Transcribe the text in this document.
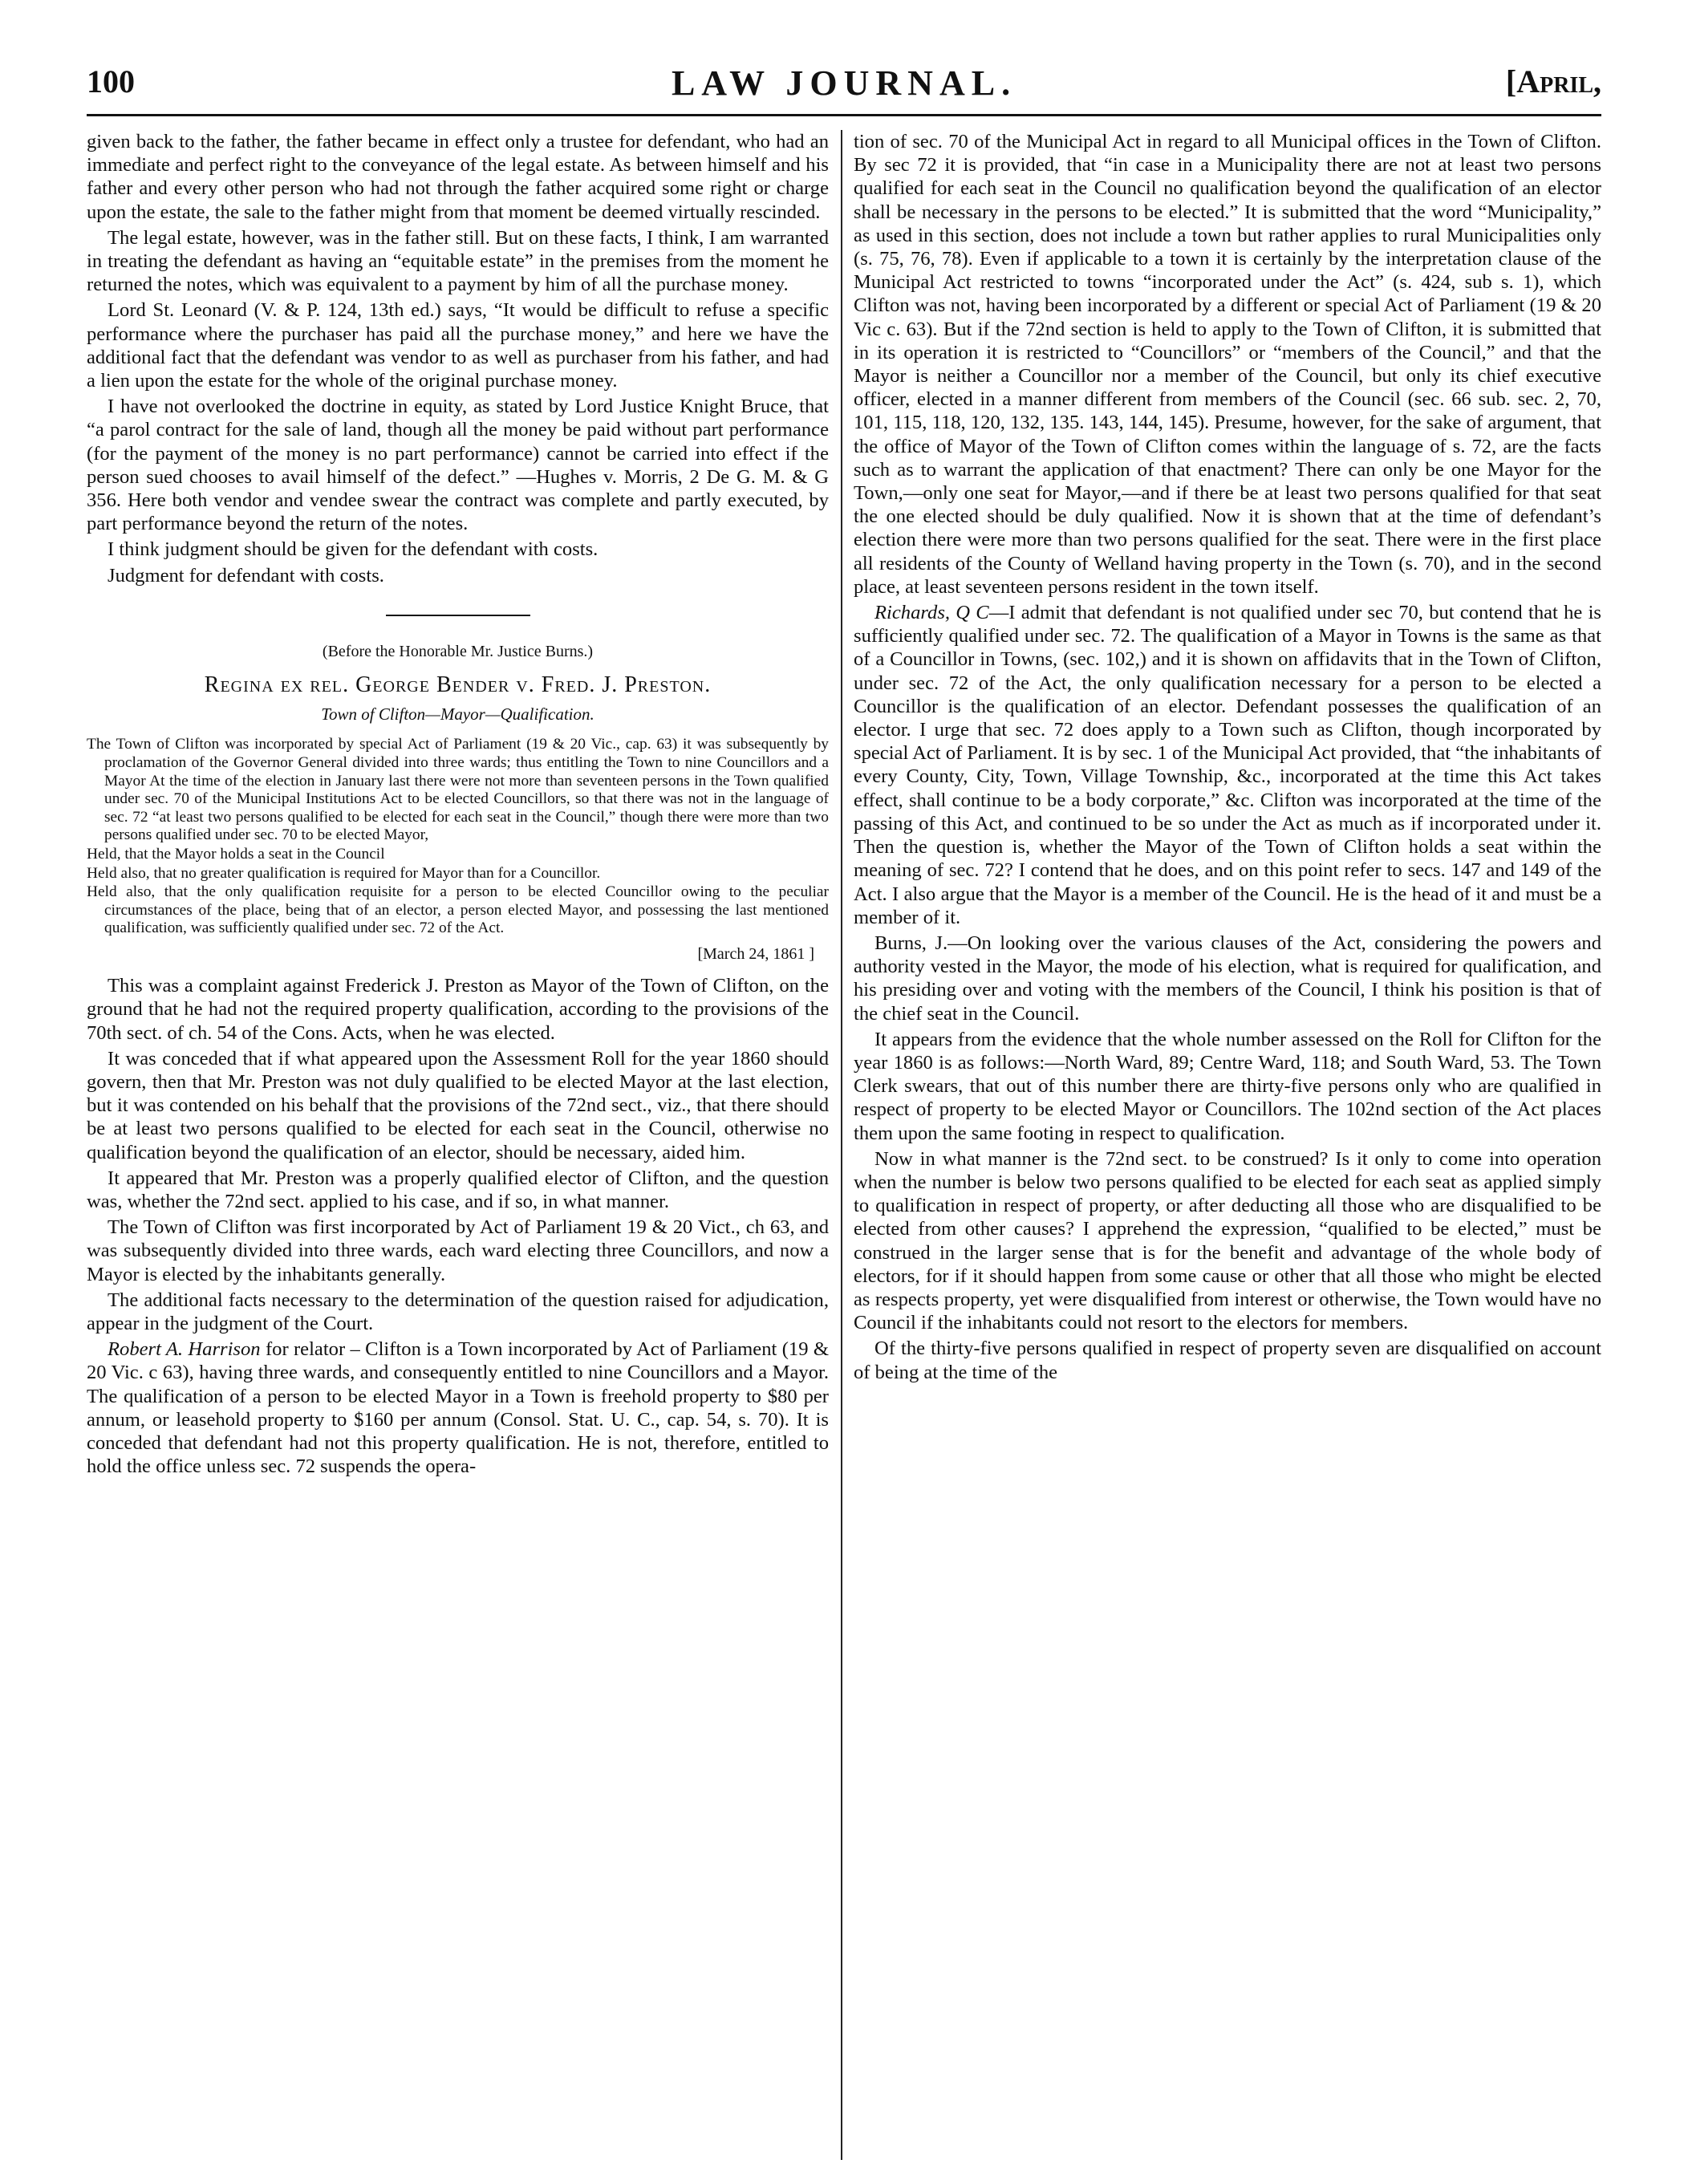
100	LAW JOURNAL.	[April,

given back to the father, the father became in effect only a trustee for defendant, who had an immediate and perfect right to the conveyance of the legal estate. As between himself and his father and every other person who had not through the father acquired some right or charge upon the estate, the sale to the father might from that moment be deemed virtually rescinded.

The legal estate, however, was in the father still. But on these facts, I think, I am warranted in treating the defendant as having an “equitable estate” in the premises from the moment he returned the notes, which was equivalent to a payment by him of all the purchase money.

Lord St. Leonard (V. & P. 124, 13th ed.) says, “It would be difficult to refuse a specific performance where the purchaser has paid all the purchase money,” and here we have the additional fact that the defendant was vendor to as well as purchaser from his father, and had a lien upon the estate for the whole of the original purchase money.

I have not overlooked the doctrine in equity, as stated by Lord Justice Knight Bruce, that “a parol contract for the sale of land, though all the money be paid without part performance (for the payment of the money is no part performance) cannot be carried into effect if the person sued chooses to avail himself of the defect.” —Hughes v. Morris, 2 De G. M. & G 356. Here both vendor and vendee swear the contract was complete and partly executed, by part performance beyond the return of the notes.

I think judgment should be given for the defendant with costs.

Judgment for defendant with costs.

(Before the Honorable Mr. Justice Burns.)

Regina ex rel. George Bender v. Fred. J. Preston.

Town of Clifton—Mayor—Qualification.

The Town of Clifton was incorporated by special Act of Parliament (19 & 20 Vic., cap. 63) it was subsequently by proclamation of the Governor General divided into three wards; thus entitling the Town to nine Councillors and a Mayor At the time of the election in January last there were not more than seventeen persons in the Town qualified under sec. 70 of the Municipal Institutions Act to be elected Councillors, so that there was not in the language of sec. 72 “at least two persons qualified to be elected for each seat in the Council,” though there were more than two persons qualified under sec. 70 to be elected Mayor,

Held, that the Mayor holds a seat in the Council

Held also, that no greater qualification is required for Mayor than for a Councillor.

Held also, that the only qualification requisite for a person to be elected Councillor owing to the peculiar circumstances of the place, being that of an elector, a person elected Mayor, and possessing the last mentioned qualification, was sufficiently qualified under sec. 72 of the Act.

[March 24, 1861 ]

This was a complaint against Frederick J. Preston as Mayor of the Town of Clifton, on the ground that he had not the required property qualification, according to the provisions of the 70th sect. of ch. 54 of the Cons. Acts, when he was elected.

It was conceded that if what appeared upon the Assessment Roll for the year 1860 should govern, then that Mr. Preston was not duly qualified to be elected Mayor at the last election, but it was contended on his behalf that the provisions of the 72nd sect., viz., that there should be at least two persons qualified to be elected for each seat in the Council, otherwise no qualification beyond the qualification of an elector, should be necessary, aided him.

It appeared that Mr. Preston was a properly qualified elector of Clifton, and the question was, whether the 72nd sect. applied to his case, and if so, in what manner.

The Town of Clifton was first incorporated by Act of Parliament 19 & 20 Vict., ch 63, and was subsequently divided into three wards, each ward electing three Councillors, and now a Mayor is elected by the inhabitants generally.

The additional facts necessary to the determination of the question raised for adjudication, appear in the judgment of the Court.

Robert A. Harrison for relator – Clifton is a Town incorporated by Act of Parliament (19 & 20 Vic. c 63), having three wards, and consequently entitled to nine Councillors and a Mayor. The qualification of a person to be elected Mayor in a Town is freehold property to $80 per annum, or leasehold property to $160 per annum (Consol. Stat. U. C., cap. 54, s. 70). It is conceded that defendant had not this property qualification. He is not, therefore, entitled to hold the office unless sec. 72 suspends the opera-

tion of sec. 70 of the Municipal Act in regard to all Municipal offices in the Town of Clifton. By sec 72 it is provided, that “in case in a Municipality there are not at least two persons qualified for each seat in the Council no qualification beyond the qualification of an elector shall be necessary in the persons to be elected.” It is submitted that the word “Municipality,” as used in this section, does not include a town but rather applies to rural Municipalities only (s. 75, 76, 78). Even if applicable to a town it is certainly by the interpretation clause of the Municipal Act restricted to towns “incorporated under the Act” (s. 424, sub s. 1), which Clifton was not, having been incorporated by a different or special Act of Parliament (19 & 20 Vic c. 63). But if the 72nd section is held to apply to the Town of Clifton, it is submitted that in its operation it is restricted to “Councillors” or “members of the Council,” and that the Mayor is neither a Councillor nor a member of the Council, but only its chief executive officer, elected in a manner different from members of the Council (sec. 66 sub. sec. 2, 70, 101, 115, 118, 120, 132, 135. 143, 144, 145). Presume, however, for the sake of argument, that the office of Mayor of the Town of Clifton comes within the language of s. 72, are the facts such as to warrant the application of that enactment? There can only be one Mayor for the Town,—only one seat for Mayor,—and if there be at least two persons qualified for that seat the one elected should be duly qualified. Now it is shown that at the time of defendant’s election there were more than two persons qualified for the seat. There were in the first place all residents of the County of Welland having property in the Town (s. 70), and in the second place, at least seventeen persons resident in the town itself.

Richards, Q C—I admit that defendant is not qualified under sec 70, but contend that he is sufficiently qualified under sec. 72. The qualification of a Mayor in Towns is the same as that of a Councillor in Towns, (sec. 102,) and it is shown on affidavits that in the Town of Clifton, under sec. 72 of the Act, the only qualification necessary for a person to be elected a Councillor is the qualification of an elector. Defendant possesses the qualification of an elector. I urge that sec. 72 does apply to a Town such as Clifton, though incorporated by special Act of Parliament. It is by sec. 1 of the Municipal Act provided, that “the inhabitants of every County, City, Town, Village Township, &c., incorporated at the time this Act takes effect, shall continue to be a body corporate,” &c. Clifton was incorporated at the time of the passing of this Act, and continued to be so under the Act as much as if incorporated under it. Then the question is, whether the Mayor of the Town of Clifton holds a seat within the meaning of sec. 72? I contend that he does, and on this point refer to secs. 147 and 149 of the Act. I also argue that the Mayor is a member of the Council. He is the head of it and must be a member of it.

Burns, J.—On looking over the various clauses of the Act, considering the powers and authority vested in the Mayor, the mode of his election, what is required for qualification, and his presiding over and voting with the members of the Council, I think his position is that of the chief seat in the Council.

It appears from the evidence that the whole number assessed on the Roll for Clifton for the year 1860 is as follows:—North Ward, 89; Centre Ward, 118; and South Ward, 53. The Town Clerk swears, that out of this number there are thirty-five persons only who are qualified in respect of property to be elected Mayor or Councillors. The 102nd section of the Act places them upon the same footing in respect to qualification.

Now in what manner is the 72nd sect. to be construed? Is it only to come into operation when the number is below two persons qualified to be elected for each seat as applied simply to qualification in respect of property, or after deducting all those who are disqualified to be elected from other causes? I apprehend the expression, “qualified to be elected,” must be construed in the larger sense that is for the benefit and advantage of the whole body of electors, for if it should happen from some cause or other that all those who might be elected as respects property, yet were disqualified from interest or otherwise, the Town would have no Council if the inhabitants could not resort to the electors for members.

Of the thirty-five persons qualified in respect of property seven are disqualified on account of being at the time of the
